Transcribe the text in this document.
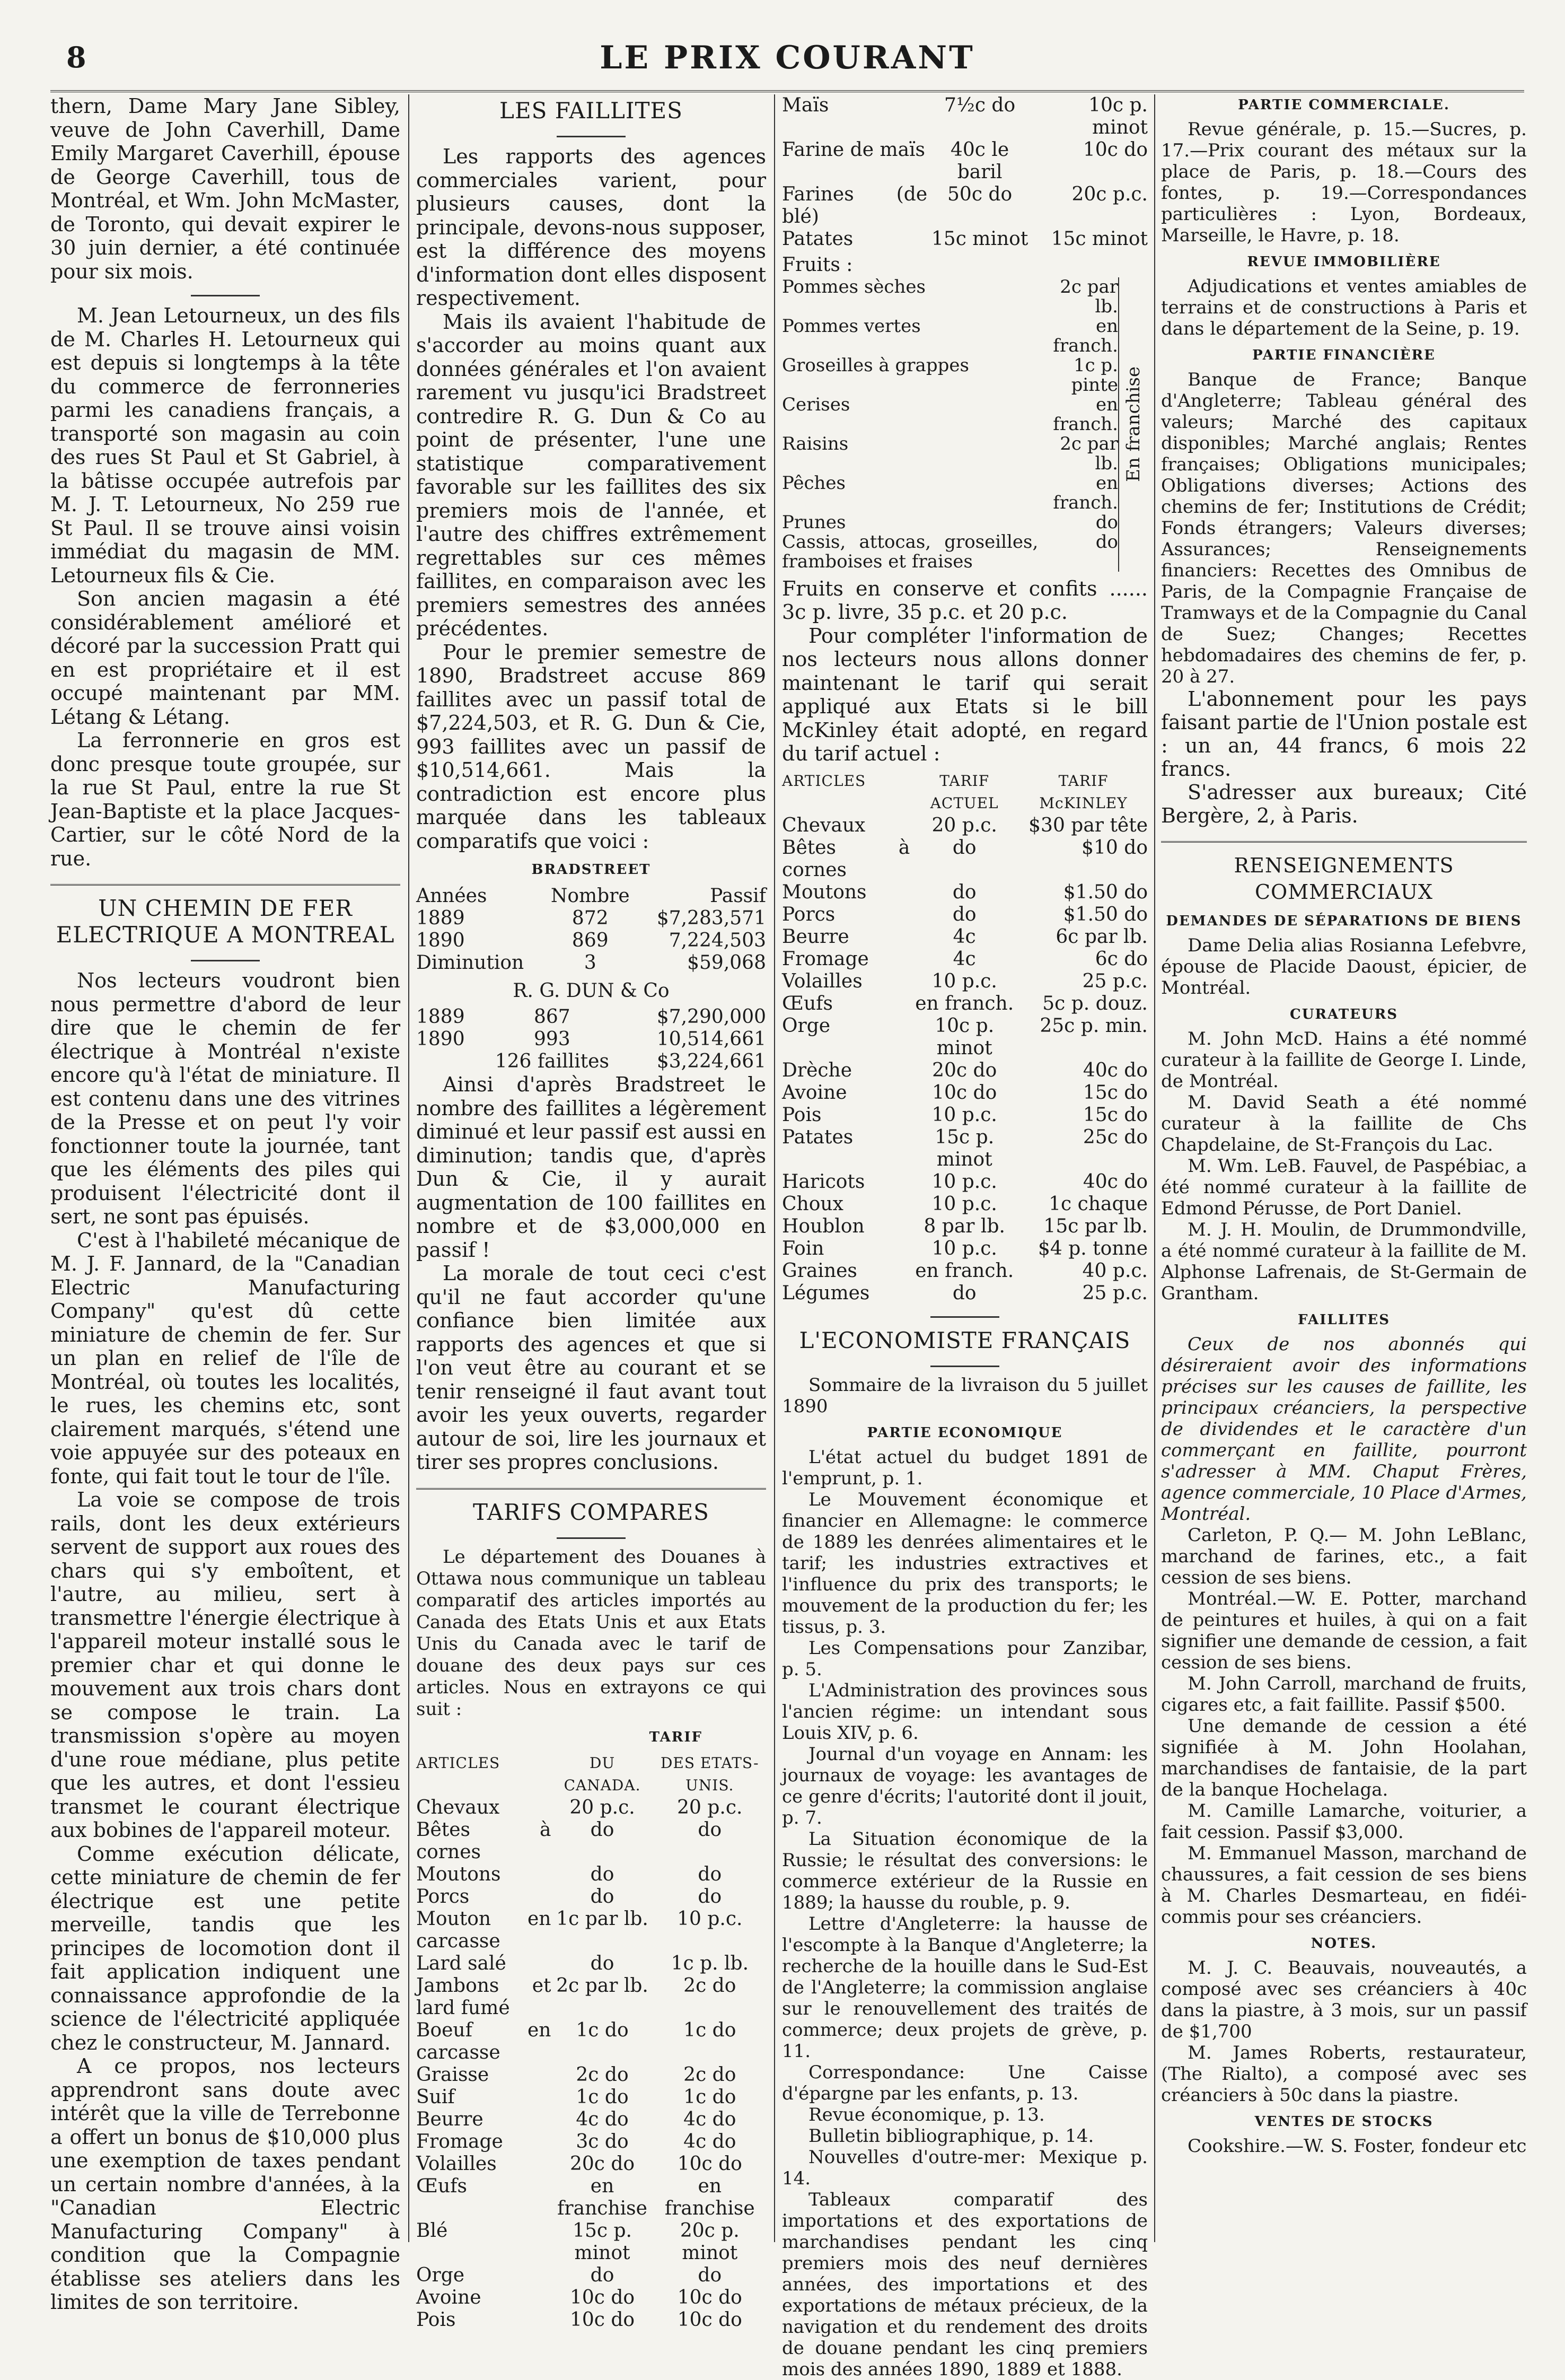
8	LE PRIX COURANT

thern, Dame Mary Jane Sibley, veuve de John Caverhill, Dame Emily Margaret Caverhill, épouse de George Caverhill, tous de Montréal, et Wm. John McMaster, de Toronto, qui devait expirer le 30 juin dernier, a été continuée pour six mois.

M. Jean Letourneux, un des fils de M. Charles H. Letourneux qui est depuis si longtemps à la tête du commerce de ferronneries parmi les canadiens français, a transporté son magasin au coin des rues St Paul et St Gabriel, à la bâtisse occupée autrefois par M. J. T. Letourneux, No 259 rue St Paul. Il se trouve ainsi voisin immédiat du magasin de MM. Letourneux fils & Cie.

Son ancien magasin a été considérablement amélioré et décoré par la succession Pratt qui en est propriétaire et il est occupé maintenant par MM. Létang & Létang.

La ferronnerie en gros est donc presque toute groupée, sur la rue St Paul, entre la rue St Jean-Baptiste et la place Jacques-Cartier, sur le côté Nord de la rue.

UN CHEMIN DE FER ELECTRIQUE A MONTREAL

Nos lecteurs voudront bien nous permettre d'abord de leur dire que le chemin de fer électrique à Montréal n'existe encore qu'à l'état de miniature. Il est contenu dans une des vitrines de la Presse et on peut l'y voir fonctionner toute la journée, tant que les éléments des piles qui produisent l'électricité dont il sert, ne sont pas épuisés.

C'est à l'habileté mécanique de M. J. F. Jannard, de la "Canadian Electric Manufacturing Company" qu'est dû cette miniature de chemin de fer. Sur un plan en relief de l'île de Montréal, où toutes les localités, le rues, les chemins etc, sont clairement marqués, s'étend une voie appuyée sur des poteaux en fonte, qui fait tout le tour de l'île.

La voie se compose de trois rails, dont les deux extérieurs servent de support aux roues des chars qui s'y emboîtent, et l'autre, au milieu, sert à transmettre l'énergie électrique à l'appareil moteur installé sous le premier char et qui donne le mouvement aux trois chars dont se compose le train. La transmission s'opère au moyen d'une roue médiane, plus petite que les autres, et dont l'essieu transmet le courant électrique aux bobines de l'appareil moteur.

Comme exécution délicate, cette miniature de chemin de fer électrique est une petite merveille, tandis que les principes de locomotion dont il fait application indiquent une connaissance approfondie de la science de l'électricité appliquée chez le constructeur, M. Jannard.

A ce propos, nos lecteurs apprendront sans doute avec intérêt que la ville de Terrebonne a offert un bonus de $10,000 plus une exemption de taxes pendant un certain nombre d'années, à la "Canadian Electric Manufacturing Company" à condition que la Compagnie établisse ses ateliers dans les limites de son territoire.

LES FAILLITES

Les rapports des agences commerciales varient, pour plusieurs causes, dont la principale, devons-nous supposer, est la différence des moyens d'information dont elles disposent respectivement.

Mais ils avaient l'habitude de s'accorder au moins quant aux données générales et l'on avaient rarement vu jusqu'ici Bradstreet contredire R. G. Dun & Co au point de présenter, l'une une statistique comparativement favorable sur les faillites des six premiers mois de l'année, et l'autre des chiffres extrêmement regrettables sur ces mêmes faillites, en comparaison avec les premiers semestres des années précédentes.

Pour le premier semestre de 1890, Bradstreet accuse 869 faillites avec un passif total de $7,224,503, et R. G. Dun & Cie, 993 faillites avec un passif de $10,514,661. Mais la contradiction est encore plus marquée dans les tableaux comparatifs que voici :

BRADSTREET
Années	Nombre	Passif
1889	872	$7,283,571
1890	869	7,224,503
Diminution	3	$59,068
R. G. DUN & Co
1889	867	$7,290,000
1890	993	10,514,661
	126 faillites	$3,224,661

Ainsi d'après Bradstreet le nombre des faillites a légèrement diminué et leur passif est aussi en diminution; tandis que, d'après Dun & Cie, il y aurait augmentation de 100 faillites en nombre et de $3,000,000 en passif !

La morale de tout ceci c'est qu'il ne faut accorder qu'une confiance bien limitée aux rapports des agences et que si l'on veut être au courant et se tenir renseigné il faut avant tout avoir les yeux ouverts, regarder autour de soi, lire les journaux et tirer ses propres conclusions.

TARIFS COMPARES

Le département des Douanes à Ottawa nous communique un tableau comparatif des articles importés au Canada des Etats Unis et aux Etats Unis du Canada avec le tarif de douane des deux pays sur ces articles. Nous en extrayons ce qui suit :

TARIF
ARTICLES	DU CANADA.	DES ETATS-UNIS.
Chevaux	20 p.c.	20 p.c.
Bêtes à cornes	do	do
Moutons	do	do
Porcs	do	do
Mouton en carcasse	1c par lb.	10 p.c.
Lard salé	do	1c p. lb.
Jambons et lard fumé	2c par lb.	2c do
Boeuf en carcasse	1c do	1c do
Graisse	2c do	2c do
Suif	1c do	1c do
Beurre	4c do	4c do
Fromage	3c do	4c do
Volailles	20c do	10c do
Œufs	en franchise	en franchise
Blé	15c p. minot	20c p. minot
Orge	do	do
Avoine	10c do	10c do
Pois	10c do	10c do
Maïs	7½c do	10c p. minot
Farine de maïs	40c le baril	10c do
Farines (de blé)	50c do	20c p.c.
Patates	15c minot	15c minot
Fruits :
Pommes sèches	2c par lb.
Pommes vertes	en franch.
Groseilles à grappes	1c p. pinte
Cerises	en franch.
Raisins	2c par lb.
Pêches	en franch.
Prunes	do
Cassis, attocas, groseilles, framboises et fraises	do
En franchise

Fruits en conserve et confits ...... 3c p. livre, 35 p.c. et 20 p.c.

Pour compléter l'information de nos lecteurs nous allons donner maintenant le tarif qui serait appliqué aux Etats si le bill McKinley était adopté, en regard du tarif actuel :

ARTICLES	TARIF ACTUEL	TARIF McKINLEY
Chevaux	20 p.c.	$30 par tête
Bêtes à cornes	do	$10 do
Moutons	do	$1.50 do
Porcs	do	$1.50 do
Beurre	4c	6c par lb.
Fromage	4c	6c do
Volailles	10 p.c.	25 p.c.
Œufs	en franch.	5c p. douz.
Orge	10c p. minot	25c p. min.
Drèche	20c do	40c do
Avoine	10c do	15c do
Pois	10 p.c.	15c do
Patates	15c p. minot	25c do
Haricots	10 p.c.	40c do
Choux	10 p.c.	1c chaque
Houblon	8 par lb.	15c par lb.
Foin	10 p.c.	$4 p. tonne
Graines	en franch.	40 p.c.
Légumes	do	25 p.c.
L'ECONOMISTE FRANÇAIS

Sommaire de la livraison du 5 juillet 1890

PARTIE ECONOMIQUE

L'état actuel du budget 1891 de l'emprunt, p. 1.

Le Mouvement économique et financier en Allemagne: le commerce de 1889 les denrées alimentaires et le tarif; les industries extractives et l'influence du prix des transports; le mouvement de la production du fer; les tissus, p. 3.

Les Compensations pour Zanzibar, p. 5.

L'Administration des provinces sous l'ancien régime: un intendant sous Louis XIV, p. 6.

Journal d'un voyage en Annam: les journaux de voyage: les avantages de ce genre d'écrits; l'autorité dont il jouit, p. 7.

La Situation économique de la Russie; le résultat des conversions: le commerce extérieur de la Russie en 1889; la hausse du rouble, p. 9.

Lettre d'Angleterre: la hausse de l'escompte à la Banque d'Angleterre; la recherche de la houille dans le Sud-Est de l'Angleterre; la commission anglaise sur le renouvellement des traités de commerce; deux projets de grève, p. 11.

Correspondance: Une Caisse d'épargne par les enfants, p. 13.

Revue économique, p. 13.

Bulletin bibliographique, p. 14.

Nouvelles d'outre-mer: Mexique p. 14.

Tableaux comparatif des importations et des exportations de marchandises pendant les cinq premiers mois des neuf dernières années, des importations et des exportations de métaux précieux, de la navigation et du rendement des droits de douane pendant les cinq premiers mois des années 1890, 1889 et 1888.

PARTIE COMMERCIALE.

Revue générale, p. 15.—Sucres, p. 17.—Prix courant des métaux sur la place de Paris, p. 18.—Cours des fontes, p. 19.—Correspondances particulières : Lyon, Bordeaux, Marseille, le Havre, p. 18.

REVUE IMMOBILIÈRE

Adjudications et ventes amiables de terrains et de constructions à Paris et dans le département de la Seine, p. 19.

PARTIE FINANCIÈRE

Banque de France; Banque d'Angleterre; Tableau général des valeurs; Marché des capitaux disponibles; Marché anglais; Rentes françaises; Obligations municipales; Obligations diverses; Actions des chemins de fer; Institutions de Crédit; Fonds étrangers; Valeurs diverses; Assurances; Renseignements financiers: Recettes des Omnibus de Paris, de la Compagnie Française de Tramways et de la Compagnie du Canal de Suez; Changes; Recettes hebdomadaires des chemins de fer, p. 20 à 27.

L'abonnement pour les pays faisant partie de l'Union postale est : un an, 44 francs, 6 mois 22 francs.

S'adresser aux bureaux; Cité Bergère, 2, à Paris.

RENSEIGNEMENTS COMMERCIAUX
DEMANDES DE SÉPARATIONS DE BIENS

Dame Delia alias Rosianna Lefebvre, épouse de Placide Daoust, épicier, de Montréal.

CURATEURS

M. John McD. Hains a été nommé curateur à la faillite de George I. Linde, de Montréal.

M. David Seath a été nommé curateur à la faillite de Chs Chapdelaine, de St-François du Lac.

M. Wm. LeB. Fauvel, de Paspébiac, a été nommé curateur à la faillite de Edmond Pérusse, de Port Daniel.

M. J. H. Moulin, de Drummondville, a été nommé curateur à la faillite de M. Alphonse Lafrenais, de St-Germain de Grantham.

FAILLITES

Ceux de nos abonnés qui désireraient avoir des informations précises sur les causes de faillite, les principaux créanciers, la perspective de dividendes et le caractère d'un commerçant en faillite, pourront s'adresser à MM. Chaput Frères, agence commerciale, 10 Place d'Armes, Montréal.

Carleton, P. Q.— M. John LeBlanc, marchand de farines, etc., a fait cession de ses biens.

Montréal.—W. E. Potter, marchand de peintures et huiles, à qui on a fait signifier une demande de cession, a fait cession de ses biens.

M. John Carroll, marchand de fruits, cigares etc, a fait faillite. Passif $500.

Une demande de cession a été signifiée à M. John Hoolahan, marchandises de fantaisie, de la part de la banque Hochelaga.

M. Camille Lamarche, voiturier, a fait cession. Passif $3,000.

M. Emmanuel Masson, marchand de chaussures, a fait cession de ses biens à M. Charles Desmarteau, en fidéi-commis pour ses créanciers.

NOTES.

M. J. C. Beauvais, nouveautés, a composé avec ses créanciers à 40c dans la piastre, à 3 mois, sur un passif de $1,700

M. James Roberts, restaurateur, (The Rialto), a composé avec ses créanciers à 50c dans la piastre.

VENTES DE STOCKS

Cookshire.—W. S. Foster, fondeur etc
